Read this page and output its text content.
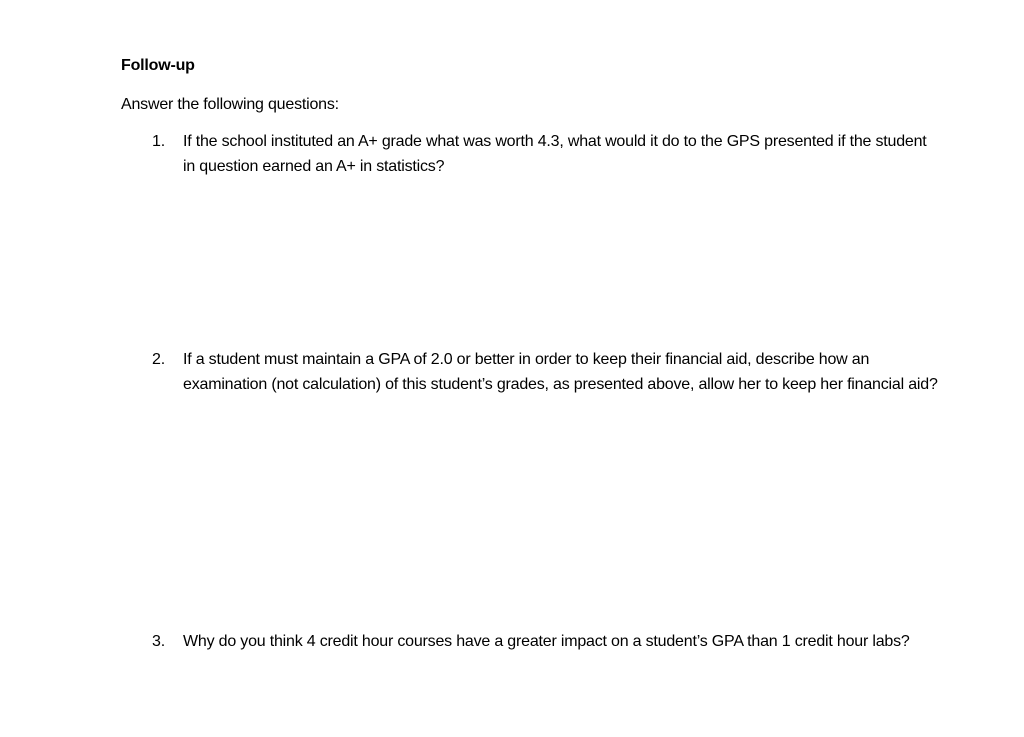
Follow-up
Answer the following questions:
1.	If the school instituted an A+ grade what was worth 4.3, what would it do to the GPS presented if the student in question earned an A+ in statistics?
2.	If a student must maintain a GPA of 2.0 or better in order to keep their financial aid, describe how an examination (not calculation) of this student’s grades, as presented above, allow her to keep her financial aid?
3.	Why do you think 4 credit hour courses have a greater impact on a student’s GPA than 1 credit hour labs?
